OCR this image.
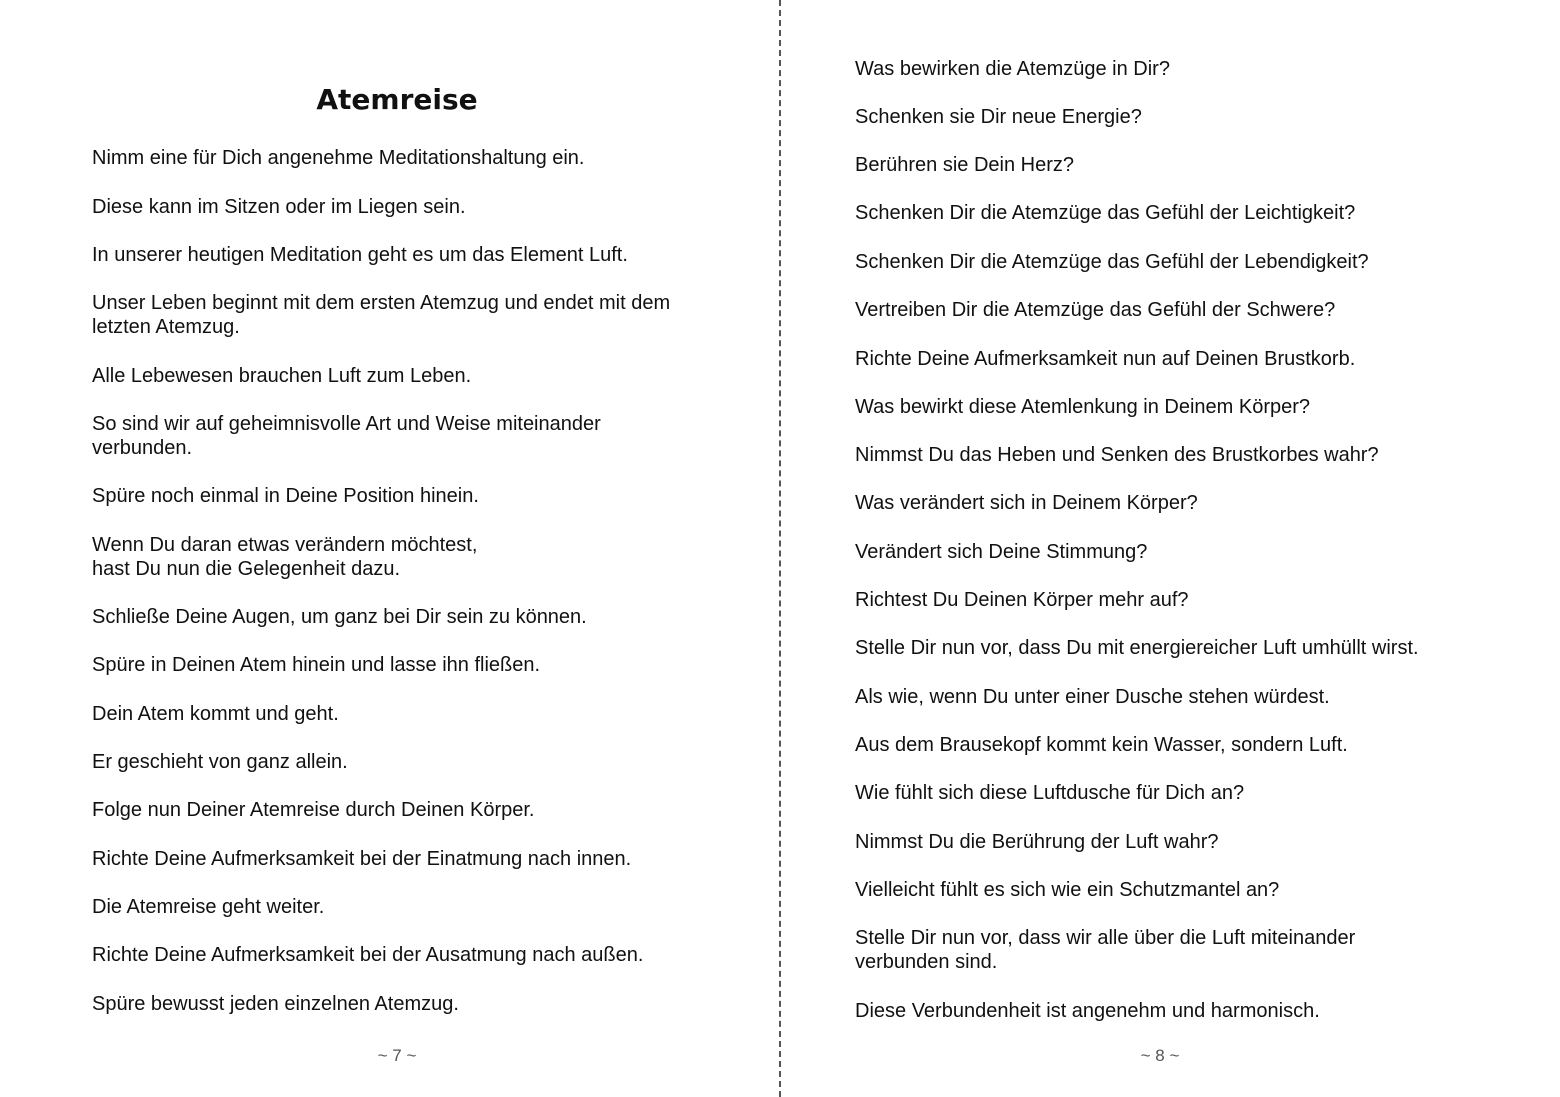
Atemreise

Nimm eine für Dich angenehme Meditationshaltung ein.

Diese kann im Sitzen oder im Liegen sein.

In unserer heutigen Meditation geht es um das Element Luft.

Unser Leben beginnt mit dem ersten Atemzug und endet mit dem
letzten Atemzug.

Alle Lebewesen brauchen Luft zum Leben.

So sind wir auf geheimnisvolle Art und Weise miteinander
verbunden.

Spüre noch einmal in Deine Position hinein.

Wenn Du daran etwas verändern möchtest,
hast Du nun die Gelegenheit dazu.

Schließe Deine Augen, um ganz bei Dir sein zu können.

Spüre in Deinen Atem hinein und lasse ihn fließen.

Dein Atem kommt und geht.

Er geschieht von ganz allein.

Folge nun Deiner Atemreise durch Deinen Körper.

Richte Deine Aufmerksamkeit bei der Einatmung nach innen.

Die Atemreise geht weiter.

Richte Deine Aufmerksamkeit bei der Ausatmung nach außen.

Spüre bewusst jeden einzelnen Atemzug.

~ 7 ~

Was bewirken die Atemzüge in Dir?

Schenken sie Dir neue Energie?

Berühren sie Dein Herz?

Schenken Dir die Atemzüge das Gefühl der Leichtigkeit?

Schenken Dir die Atemzüge das Gefühl der Lebendigkeit?

Vertreiben Dir die Atemzüge das Gefühl der Schwere?

Richte Deine Aufmerksamkeit nun auf Deinen Brustkorb.

Was bewirkt diese Atemlenkung in Deinem Körper?

Nimmst Du das Heben und Senken des Brustkorbes wahr?

Was verändert sich in Deinem Körper?

Verändert sich Deine Stimmung?

Richtest Du Deinen Körper mehr auf?

Stelle Dir nun vor, dass Du mit energiereicher Luft umhüllt wirst.

Als wie, wenn Du unter einer Dusche stehen würdest.

Aus dem Brausekopf kommt kein Wasser, sondern Luft.

Wie fühlt sich diese Luftdusche für Dich an?

Nimmst Du die Berührung der Luft wahr?

Vielleicht fühlt es sich wie ein Schutzmantel an?

Stelle Dir nun vor, dass wir alle über die Luft miteinander
verbunden sind.

Diese Verbundenheit ist angenehm und harmonisch.

~ 8 ~
